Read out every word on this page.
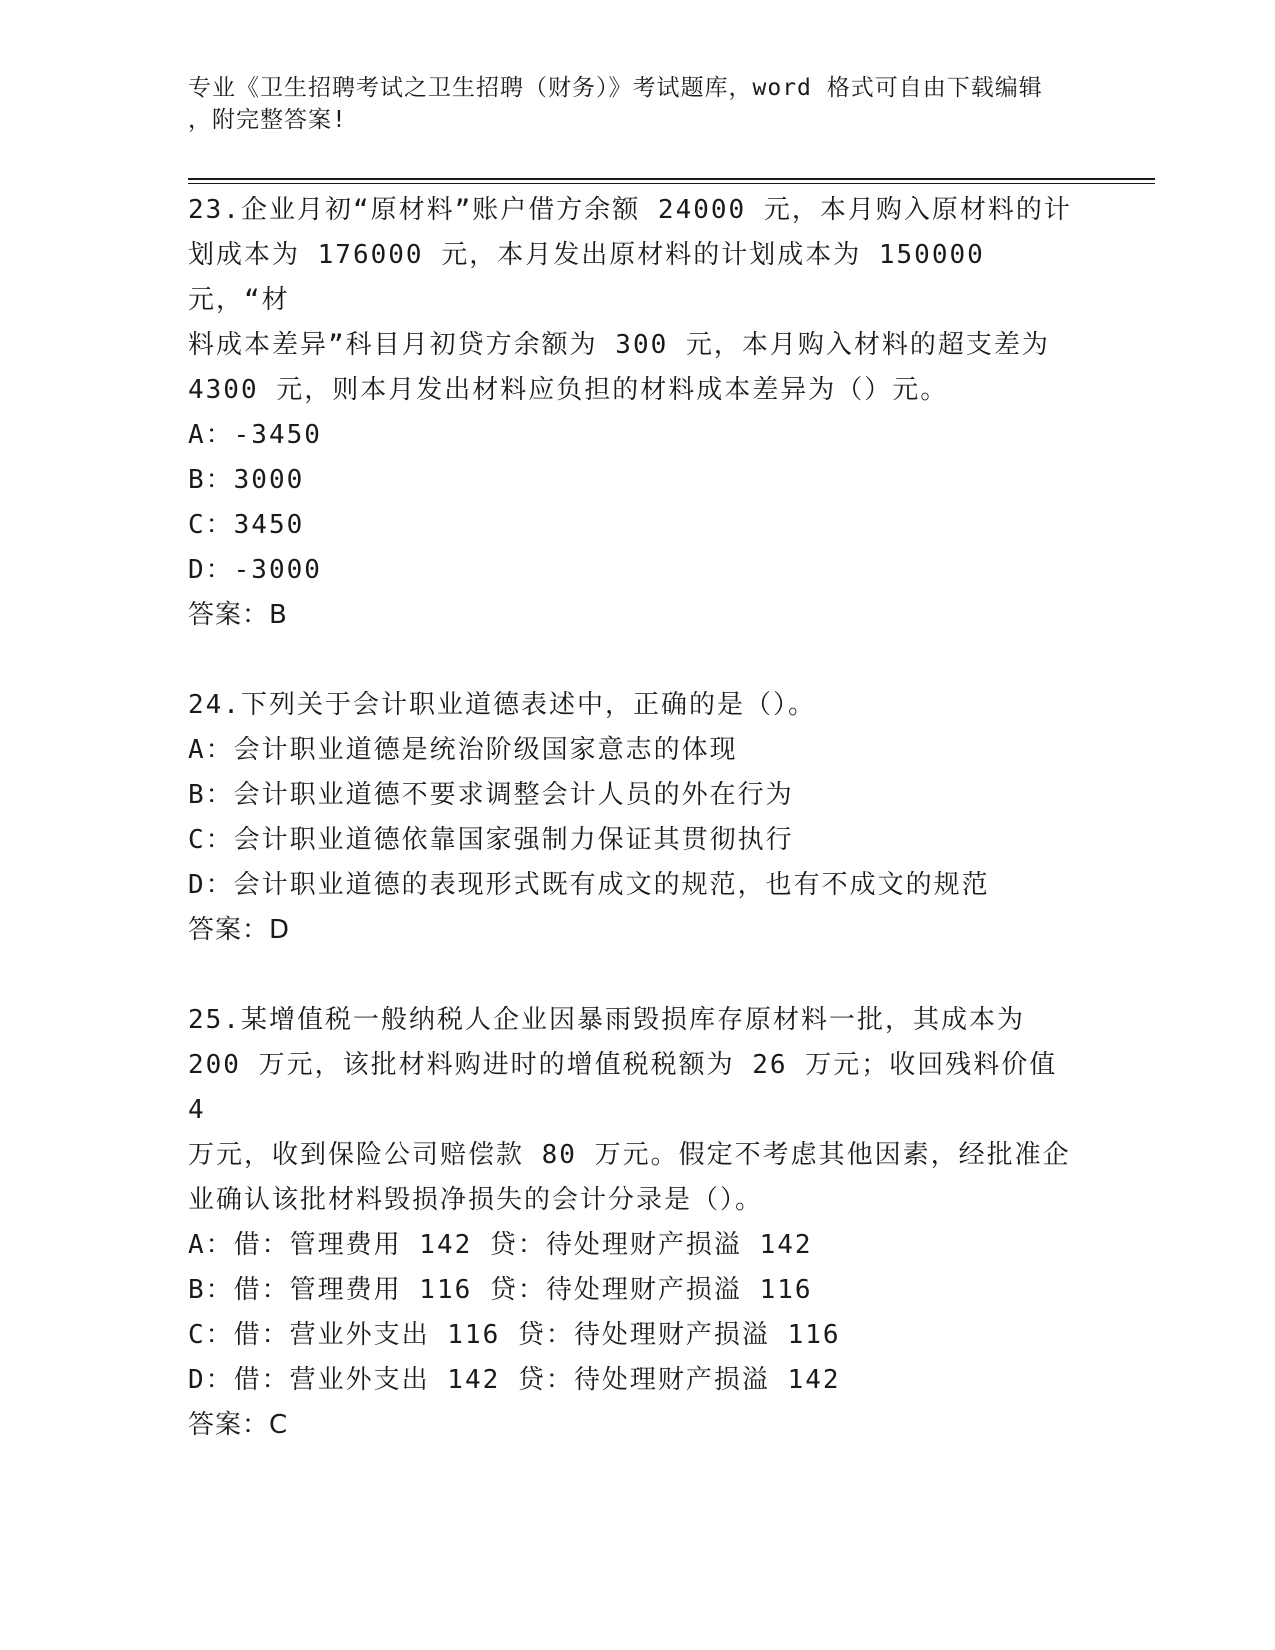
专业《卫生招聘考试之卫生招聘（财务）》考试题库，word 格式可自由下载编辑
，附完整答案!

23.企业月初“原材料”账户借方余额 24000 元，本月购入原材料的计

划成本为 176000 元，本月发出原材料的计划成本为 150000 元，“材

料成本差异”科目月初贷方余额为 300 元，本月购入材料的超支差为

4300 元，则本月发出材料应负担的材料成本差异为（）元。

A：-3450

B：3000

C：3450

D：-3000

答案：B

24.下列关于会计职业道德表述中，正确的是（）。

A：会计职业道德是统治阶级国家意志的体现

B：会计职业道德不要求调整会计人员的外在行为

C：会计职业道德依靠国家强制力保证其贯彻执行

D：会计职业道德的表现形式既有成文的规范，也有不成文的规范

答案：D

25.某增值税一般纳税人企业因暴雨毁损库存原材料一批，其成本为

200 万元，该批材料购进时的增值税税额为 26 万元；收回残料价值 4

万元，收到保险公司赔偿款 80 万元。假定不考虑其他因素，经批准企

业确认该批材料毁损净损失的会计分录是（）。

A：借：管理费用 142 贷：待处理财产损溢 142

B：借：管理费用 116 贷：待处理财产损溢 116

C：借：营业外支出 116 贷：待处理财产损溢 116

D：借：营业外支出 142 贷：待处理财产损溢 142

答案：C
